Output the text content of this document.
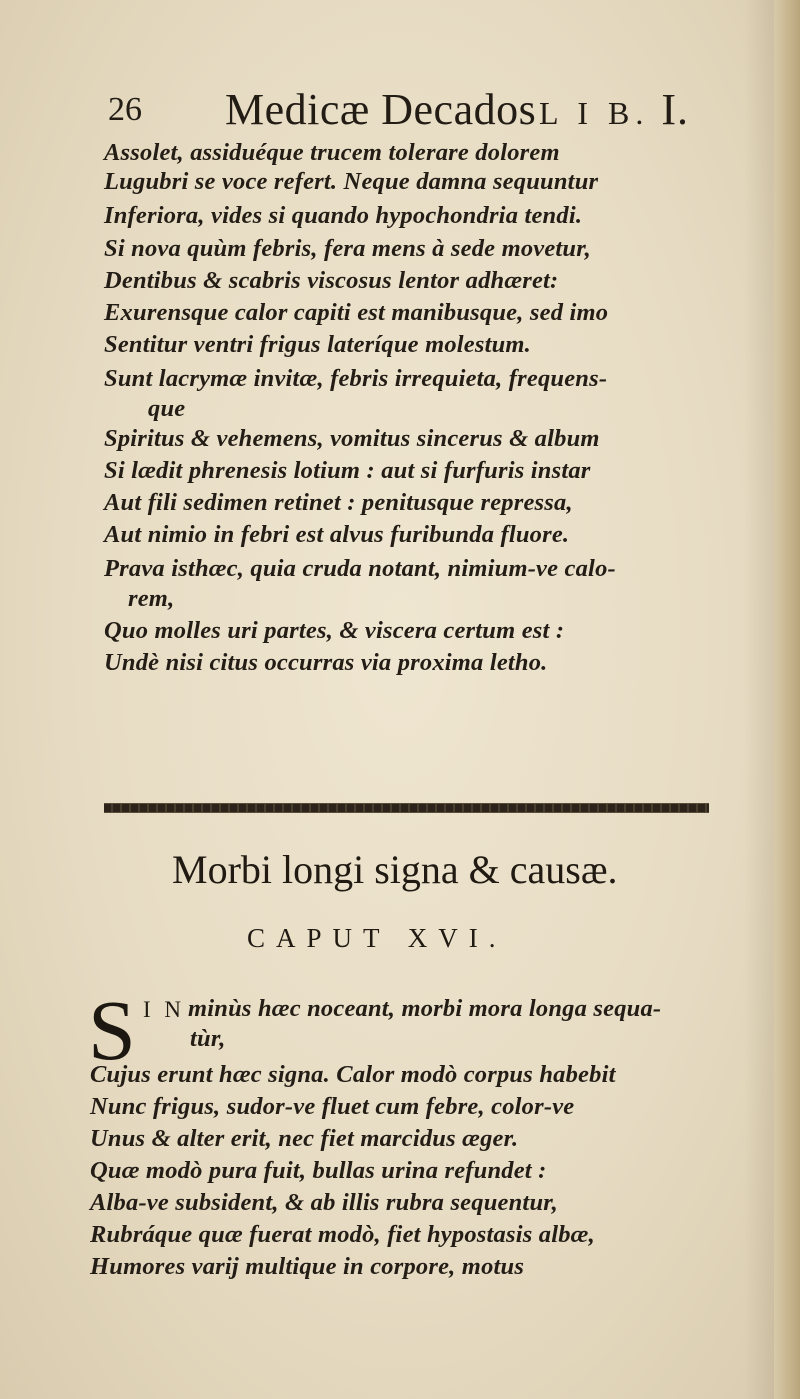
26 Medicæ Decados L I B. I.
Assolet, assiduéque trucem tolerare dolorem
Lugubri se voce refert. Neque damna sequuntur
Inferiora, vides si quando hypochondria tendi.
Si nova quùm febris, fera mens à sede movetur,
Dentibus & scabris viscosus lentor adhæret:
Exurensque calor capiti est manibusque, sed imo
Sentitur ventri frigus lateríque molestum.
Sunt lacrymæ invitæ, febris irrequieta, frequens-
que
Spiritus & vehemens, vomitus sincerus & album
Si lædit phrenesis lotium : aut si furfuris instar
Aut fili sedimen retinet : penitusque repressa,
Aut nimio in febri est alvus furibunda fluore.
Prava isthæc, quia cruda notant, nimium-ve calo-
rem,
Quo molles uri partes, & viscera certum est :
Undè nisi citus occurras via proxima letho.
Morbi longi signa & causæ.
CAPUT XVI.
S I N minùs hæc noceant, morbi mora longa sequa-
tùr,
Cujus erunt hæc signa. Calor modò corpus habebit
Nunc frigus, sudor-ve fluet cum febre, color-ve
Unus & alter erit, nec fiet marcidus æger.
Quæ modò pura fuit, bullas urina refundet :
Alba-ve subsident, & ab illis rubra sequentur,
Rubráque quæ fuerat modò, fiet hypostasis albæ,
Humores varij multique in corpore, motus
